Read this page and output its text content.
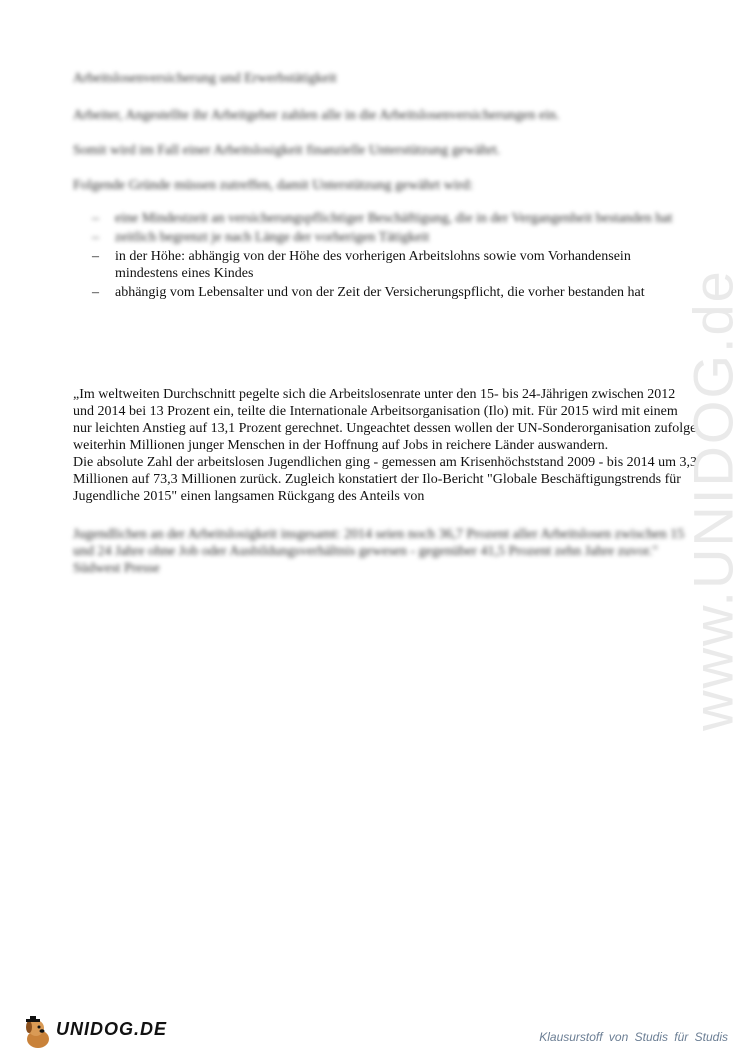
Arbeitslosenversicherung und Erwerbstätigkeit

Arbeiter, Angestellte ihr Arbeitgeber zahlen alle in die Arbeitslosenversicherungen ein.

Somit wird im Fall einer Arbeitslosigkeit finanzielle Unterstützung gewährt.

Folgende Gründe müssen zutreffen, damit Unterstützung gewährt wird:

– eine Mindestzeit an versicherungspflichtiger Beschäftigung, die in der Vergangenheit bestanden hat
– zeitlich begrenzt je nach Länge der vorherigen Tätigkeit
– in der Höhe: abhängig von der Höhe des vorherigen Arbeitslohns sowie vom Vorhandensein mindestens eines Kindes
– abhängig vom Lebensalter und von der Zeit der Versicherungspflicht, die vorher bestanden hat
„Im weltweiten Durchschnitt pegelte sich die Arbeitslosenrate unter den 15- bis 24-Jährigen zwischen 2012 und 2014 bei 13 Prozent ein, teilte die Internationale Arbeitsorganisation (Ilo) mit. Für 2015 wird mit einem nur leichten Anstieg auf 13,1 Prozent gerechnet. Ungeachtet dessen wollen der UN-Sonderorganisation zufolge weiterhin Millionen junger Menschen in der Hoffnung auf Jobs in reichere Länder auswandern.
Die absolute Zahl der arbeitslosen Jugendlichen ging - gemessen am Krisenhöchststand 2009 - bis 2014 um 3,3 Millionen auf 73,3 Millionen zurück. Zugleich konstatiert der Ilo-Bericht "Globale Beschäftigungstrends für Jugendliche 2015" einen langsamen Rückgang des Anteils von
Jugendlichen an der Arbeitslosigkeit insgesamt: 2014 seien noch 36,7 Prozent aller Arbeitslosen zwischen 15 und 24 Jahre ohne Job oder Ausbildungsverhältnis gewesen - gegenüber 41,5 Prozent zehn Jahre zuvor." Südwest Presse	www.UNIDOG.de
UNIDOG.DE	Klausurstoff von Studis für Studis
